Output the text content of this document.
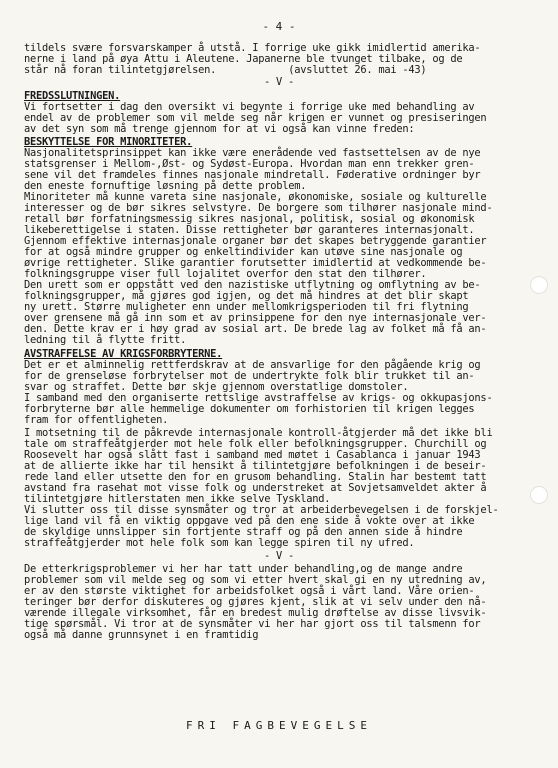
- 4 -
tildels svære forsvarskamper å utstå. I forrige uke gikk imidlertid amerika-
nerne i land på øya Attu i Aleutene. Japanerne ble tvunget tilbake, og de
står nå foran tilintetgjørelsen.            (avsluttet 26. mai -43)
- V -
FREDSSLUTNINGEN.
Vi fortsetter i dag den oversikt vi begynte i forrige uke med behandling av
endel av de problemer som vil melde seg når krigen er vunnet og presiseringen
av det syn som må trenge gjennom for at vi også kan vinne freden:
BESKYTTELSE FOR MINORITETER.
Nasjonalitetsprinsippet kan ikke være enerådende ved fastsettelsen av de nye
statsgrenser i Mellom-,Øst- og Sydøst-Europa. Hvordan man enn trekker gren-
sene vil det framdeles finnes nasjonale mindretall. Føderative ordninger byr
den eneste fornuftige løsning på dette problem.
Minoriteter må kunne vareta sine nasjonale, økonomiske, sosiale og kulturelle
interesser og de bør sikres selvstyre. De borgere som tilhører nasjonale mind-
retall bør forfatningsmessig sikres nasjonal, politisk, sosial og økonomisk
likeberettigelse i staten. Disse rettigheter bør garanteres internasjonalt.
Gjennom effektive internasjonale organer bør det skapes betryggende garantier
for at også mindre grupper og enkeltindivider kan utøve sine nasjonale og
øvrige rettigheter. Slike garantier forutsetter imidlertid at vedkommende be-
folkningsgruppe viser full lojalitet overfor den stat den tilhører.
Den urett som er oppstått ved den nazistiske utflytning og omflytning av be-
folkningsgrupper, må gjøres god igjen, og det må hindres at det blir skapt
ny urett. Større muligheter enn under mellomkrigsperioden til fri flytning
over grensene må gå inn som et av prinsippene for den nye internasjonale ver-
den. Dette krav er i høy grad av sosial art. De brede lag av folket må få an-
ledning til å flytte fritt.
AVSTRAFFELSE AV KRIGSFORBRYTERNE.
Det er et alminnelig rettferdskrav at de ansvarlige for den pågående krig og
for de grenseløse forbrytelser mot de undertrykte folk blir trukket til an-
svar og straffet. Dette bør skje gjennom overstatlige domstoler.
I samband med den organiserte rettslige avstraffelse av krigs- og okkupasjons-
forbryterne bør alle hemmelige dokumenter om forhistorien til krigen legges
fram for offentligheten.
I motsetning til de påkrevde internasjonale kontroll-åtgjerder må det ikke bli
tale om straffeåtgjerder mot hele folk eller befolkningsgrupper. Churchill og
Roosevelt har også slått fast i samband med møtet i Casablanca i januar 1943
at de allierte ikke har til hensikt å tilintetgjøre befolkningen i de beseir-
rede land eller utsette den for en grusom behandling. Stalin har bestemt tatt
avstand fra rasehat mot visse folk og understreket at Sovjetsamveldet akter å
tilintetgjøre hitlerstaten men ikke selve Tyskland.
Vi slutter oss til disse synsmåter og tror at arbeiderbevegelsen i de forskjel-
lige land vil få en viktig oppgave ved på den ene side å vokte over at ikke
de skyldige unnslipper sin fortjente straff og på den annen side å hindre
straffeåtgjerder mot hele folk som kan legge spiren til ny ufred.
- V -
De etterkrigsproblemer vi her har tatt under behandling,og de mange andre
problemer som vil melde seg og som vi etter hvert skal gi en ny utredning av,
er av den største viktighet for arbeidsfolket også i vårt land. Våre orien-
teringer bør derfor diskuteres og gjøres kjent, slik at vi selv under den nå-
værende illegale virksomhet, får en bredest mulig drøftelse av disse livsvik-
tige spørsmål. Vi tror at de synsmåter vi her har gjort oss til talsmenn for
også må danne grunnsynet i en framtidig
FRI FAGBEVEGELSE
